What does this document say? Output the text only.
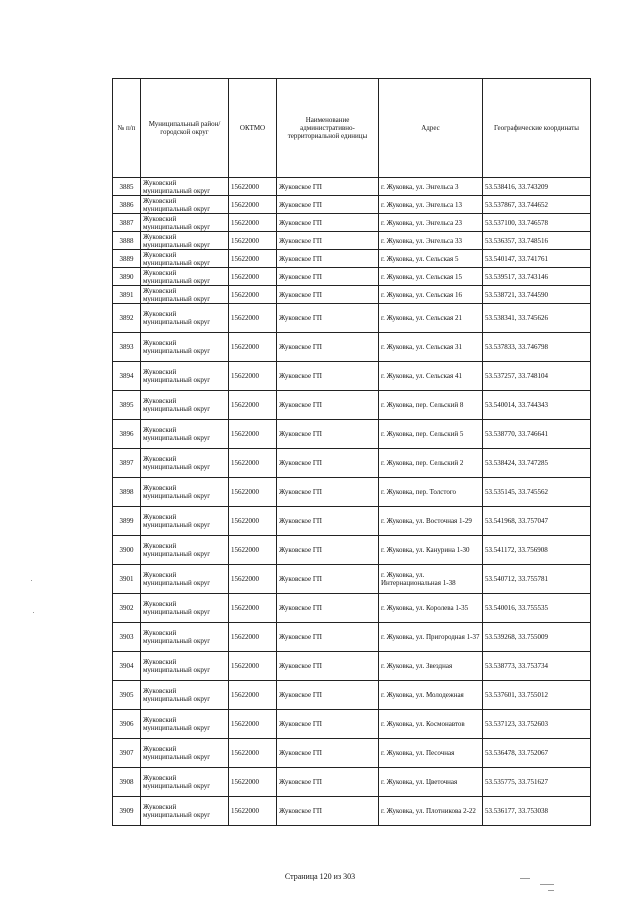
№ п/п	Муниципальный район/городской округ	ОКТМО	Наименование административно-территориальной единицы	Адрес	Географические координаты
3885	Жуковский муниципальный округ	15622000	Жуковское ГП	г. Жуковка, ул. Энгельса 3	53.538416, 33.743209
3886	Жуковский муниципальный округ	15622000	Жуковское ГП	г. Жуковка, ул. Энгельса 13	53.537867, 33.744652
3887	Жуковский муниципальный округ	15622000	Жуковское ГП	г. Жуковка, ул. Энгельса 23	53.537100, 33.746578
3888	Жуковский муниципальный округ	15622000	Жуковское ГП	г. Жуковка, ул. Энгельса 33	53.536357, 33.748516
3889	Жуковский муниципальный округ	15622000	Жуковское ГП	г. Жуковка, ул. Сельская 5	53.540147, 33.741761
3890	Жуковский муниципальный округ	15622000	Жуковское ГП	г. Жуковка, ул. Сельская 15	53.539517, 33.743146
3891	Жуковский муниципальный округ	15622000	Жуковское ГП	г. Жуковка, ул. Сельская 16	53.538721, 33.744590
3892	Жуковский муниципальный округ	15622000	Жуковское ГП	г. Жуковка, ул. Сельская 21	53.538341, 33.745626
3893	Жуковский муниципальный округ	15622000	Жуковское ГП	г. Жуковка, ул. Сельская 31	53.537833, 33.746798
3894	Жуковский муниципальный округ	15622000	Жуковское ГП	г. Жуковка, ул. Сельская 41	53.537257, 33.748104
3895	Жуковский муниципальный округ	15622000	Жуковское ГП	г. Жуковка, пер. Сельский 8	53.540014, 33.744343
3896	Жуковский муниципальный округ	15622000	Жуковское ГП	г. Жуковка, пер. Сельский 5	53.538770, 33.746641
3897	Жуковский муниципальный округ	15622000	Жуковское ГП	г. Жуковка, пер. Сельский 2	53.538424, 33.747285
3898	Жуковский муниципальный округ	15622000	Жуковское ГП	г. Жуковка, пер. Толстого	53.535145, 33.745562
3899	Жуковский муниципальный округ	15622000	Жуковское ГП	г. Жуковка, ул. Восточная 1-29	53.541968, 33.757047
3900	Жуковский муниципальный округ	15622000	Жуковское ГП	г. Жуковка, ул. Канурина 1-30	53.541172, 33.756908
3901	Жуковский муниципальный округ	15622000	Жуковское ГП	г. Жуковка, ул. Интернациональная 1-38	53.540712, 33.755781
3902	Жуковский муниципальный округ	15622000	Жуковское ГП	г. Жуковка, ул. Королева 1-35	53.540016, 33.755535
3903	Жуковский муниципальный округ	15622000	Жуковское ГП	г. Жуковка, ул. Пригородная 1-37	53.539268, 33.755009
3904	Жуковский муниципальный округ	15622000	Жуковское ГП	г. Жуковка, ул. Звездная	53.538773, 33.753734
3905	Жуковский муниципальный округ	15622000	Жуковское ГП	г. Жуковка, ул. Молодежная	53.537601, 33.755012
3906	Жуковский муниципальный округ	15622000	Жуковское ГП	г. Жуковка, ул. Космонавтов	53.537123, 33.752603
3907	Жуковский муниципальный округ	15622000	Жуковское ГП	г. Жуковка, ул. Песочная	53.536478, 33.752067
3908	Жуковский муниципальный округ	15622000	Жуковское ГП	г. Жуковка, ул. Цветочная	53.535775, 33.751627
3909	Жуковский муниципальный округ	15622000	Жуковское ГП	г. Жуковка, ул. Плотникова 2-22	53.536177, 33.753038
Страница 120 из 303
